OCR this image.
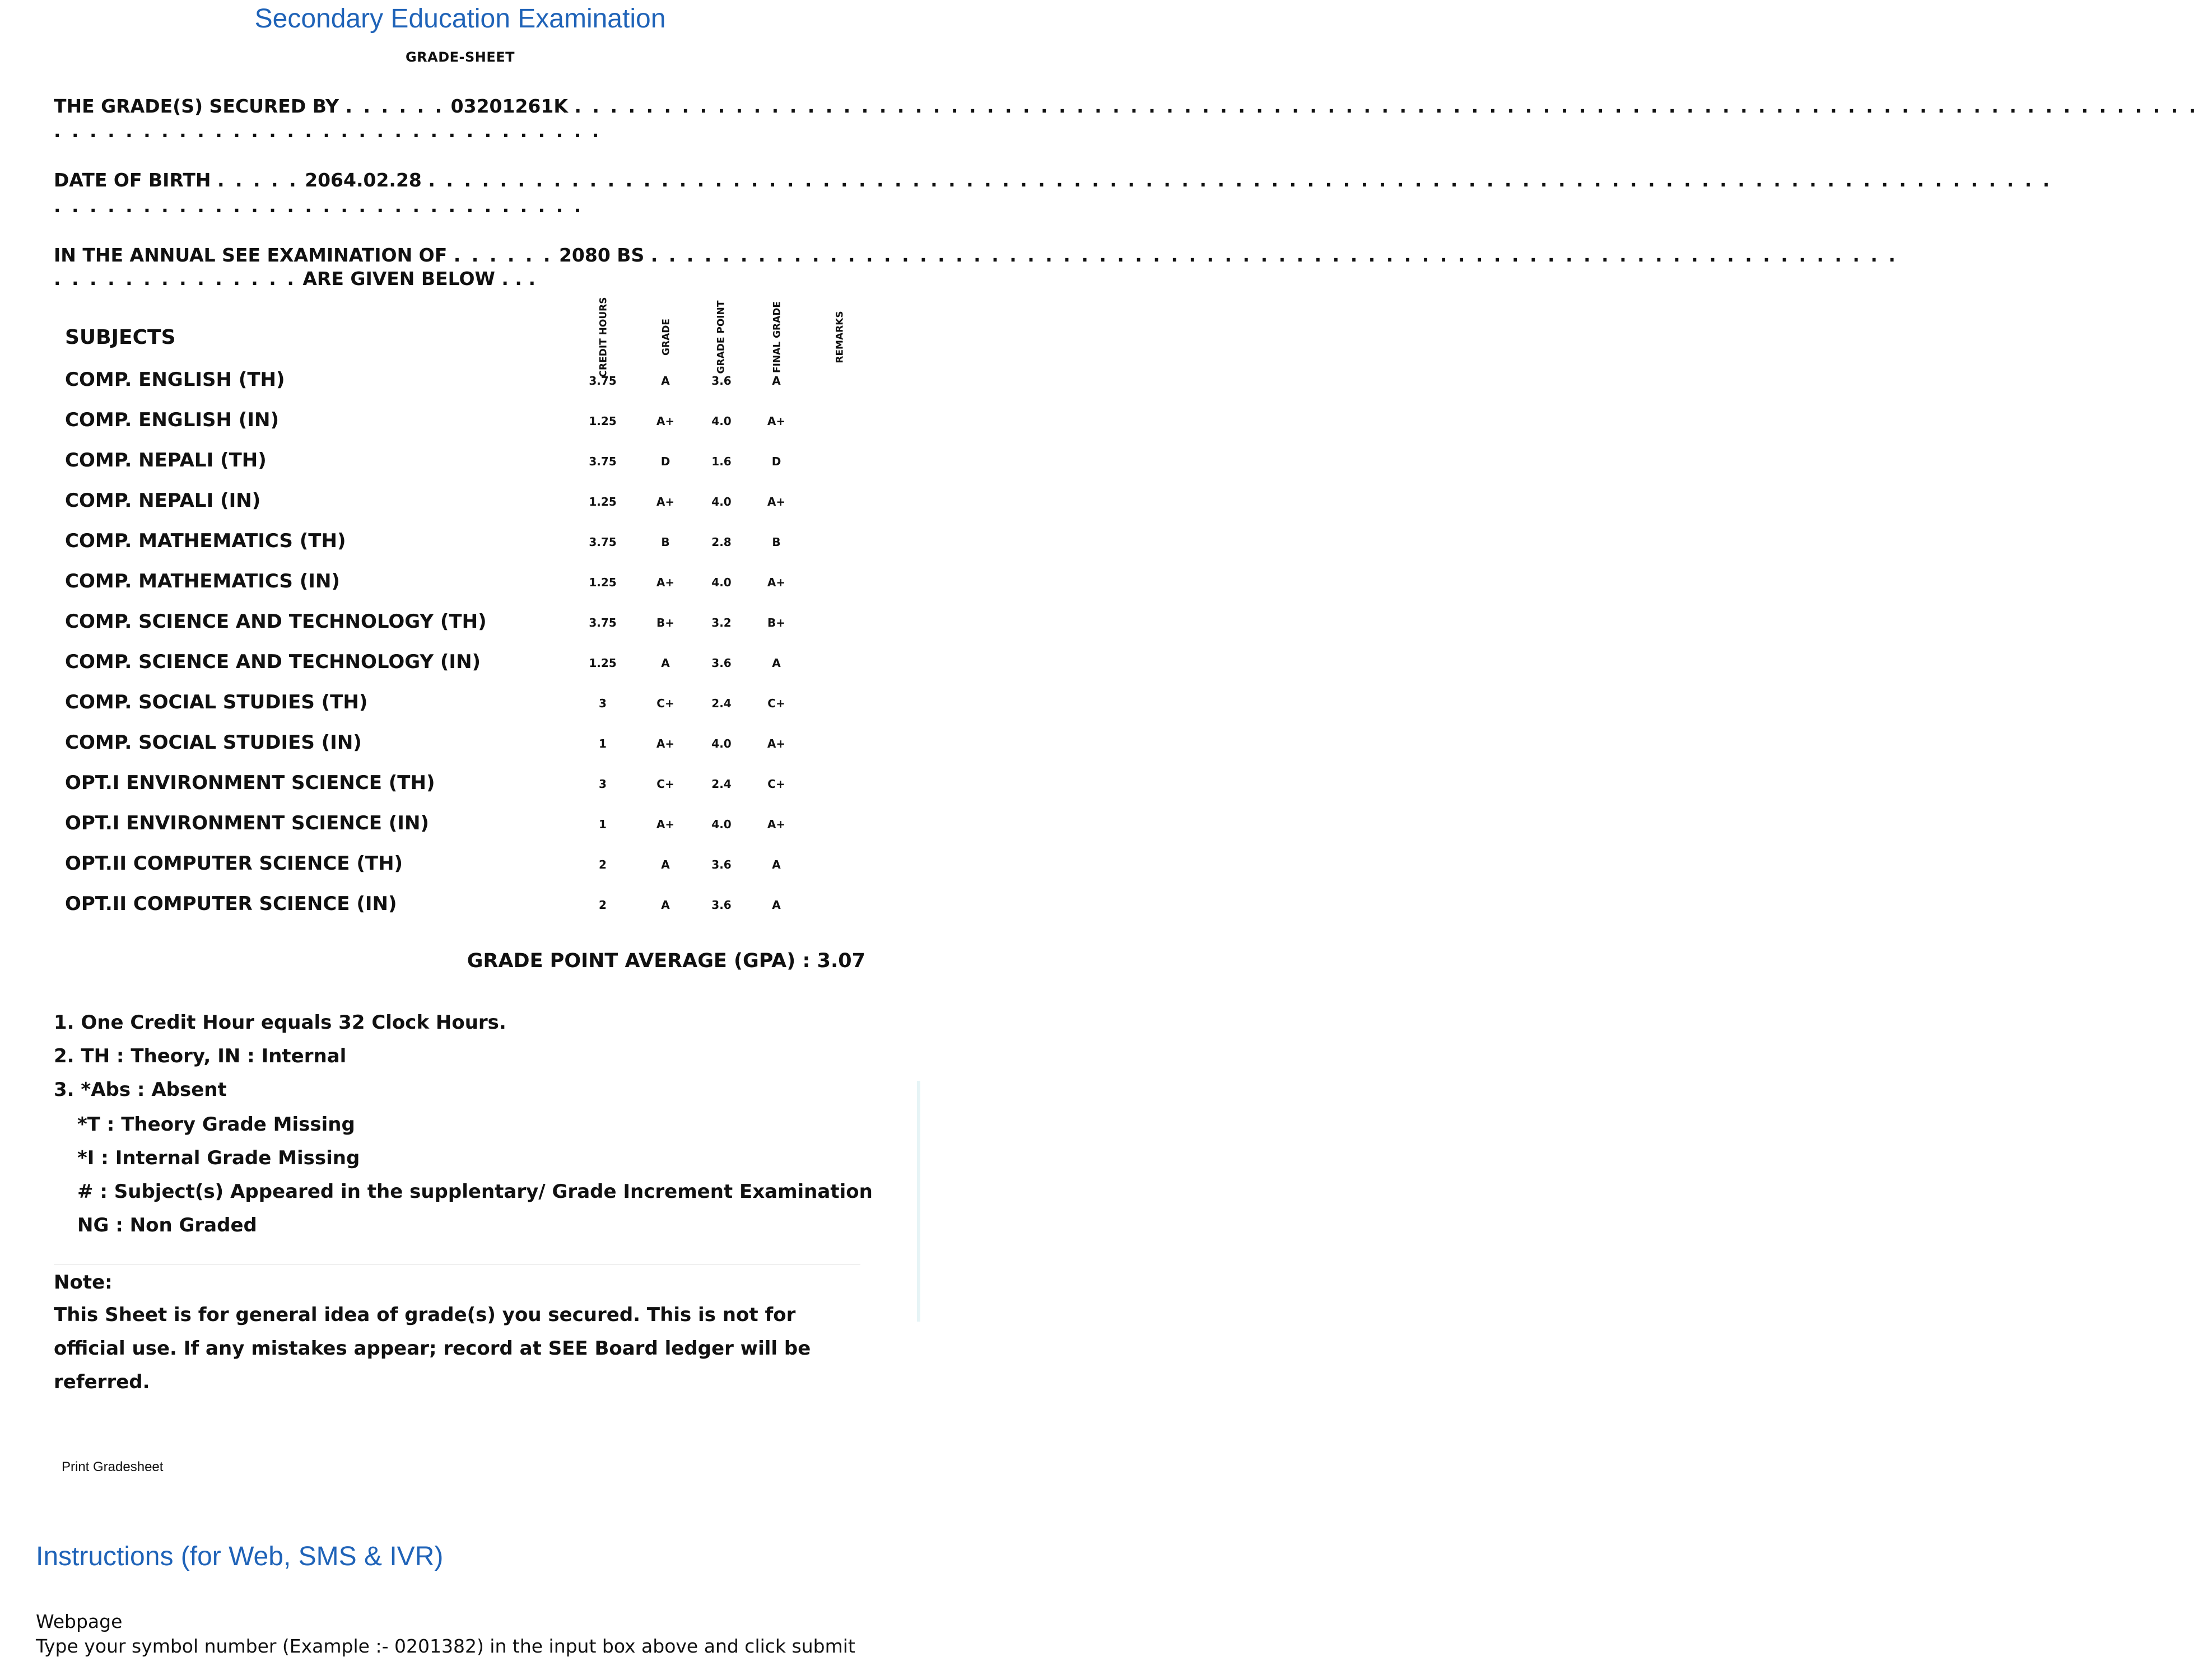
Secondary Education Examination
GRADE-SHEET
THE GRADE(S) SECURED BY . . . . . . 03201261K . . . . . . . . . . . . . . . . . . . . . . . . . . . . . . . . . . . . . . . . . . . . . . . . . . . . . . . . . . . . . . . . . . . . . . . . . . . . . . . . . . . . . . . . . . .
. . . . . . . . . . . . . . . . . . . . . . . . . . . . . . .
DATE OF BIRTH . . . . . 2064.02.28 . . . . . . . . . . . . . . . . . . . . . . . . . . . . . . . . . . . . . . . . . . . . . . . . . . . . . . . . . . . . . . . . . . . . . . . . . . . . . . . . . . . . . . . . . . .
. . . . . . . . . . . . . . . . . . . . . . . . . . . . . .
IN THE ANNUAL SEE EXAMINATION OF . . . . . . 2080 BS . . . . . . . . . . . . . . . . . . . . . . . . . . . . . . . . . . . . . . . . . . . . . . . . . . . . . . . . . . . . . . . . . . . . . .
. . . . . . . . . . . . . . ARE GIVEN BELOW . . .
SUBJECTS	CREDIT HOURS	GRADE	GRADE POINT	FINAL GRADE	REMARKS
COMP. ENGLISH (TH)	3.75	A	3.6	A
COMP. ENGLISH (IN)	1.25	A+	4.0	A+
COMP. NEPALI (TH)	3.75	D	1.6	D
COMP. NEPALI (IN)	1.25	A+	4.0	A+
COMP. MATHEMATICS (TH)	3.75	B	2.8	B
COMP. MATHEMATICS (IN)	1.25	A+	4.0	A+
COMP. SCIENCE AND TECHNOLOGY (TH)	3.75	B+	3.2	B+
COMP. SCIENCE AND TECHNOLOGY (IN)	1.25	A	3.6	A
COMP. SOCIAL STUDIES (TH)	3	C+	2.4	C+
COMP. SOCIAL STUDIES (IN)	1	A+	4.0	A+
OPT.I ENVIRONMENT SCIENCE (TH)	3	C+	2.4	C+
OPT.I ENVIRONMENT SCIENCE (IN)	1	A+	4.0	A+
OPT.II COMPUTER SCIENCE (TH)	2	A	3.6	A
OPT.II COMPUTER SCIENCE (IN)	2	A	3.6	A
GRADE POINT AVERAGE (GPA) : 3.07
1. One Credit Hour equals 32 Clock Hours.
2. TH : Theory, IN : Internal
3. *Abs : Absent
*T : Theory Grade Missing
*I : Internal Grade Missing
# : Subject(s) Appeared in the supplentary/ Grade Increment Examination
NG : Non Graded
Note:
This Sheet is for general idea of grade(s) you secured. This is not for official use. If any mistakes appear; record at SEE Board ledger will be referred.
Print Gradesheet
Instructions (for Web, SMS & IVR)
Webpage
Type your symbol number (Example :- 0201382) in the input box above and click submit
